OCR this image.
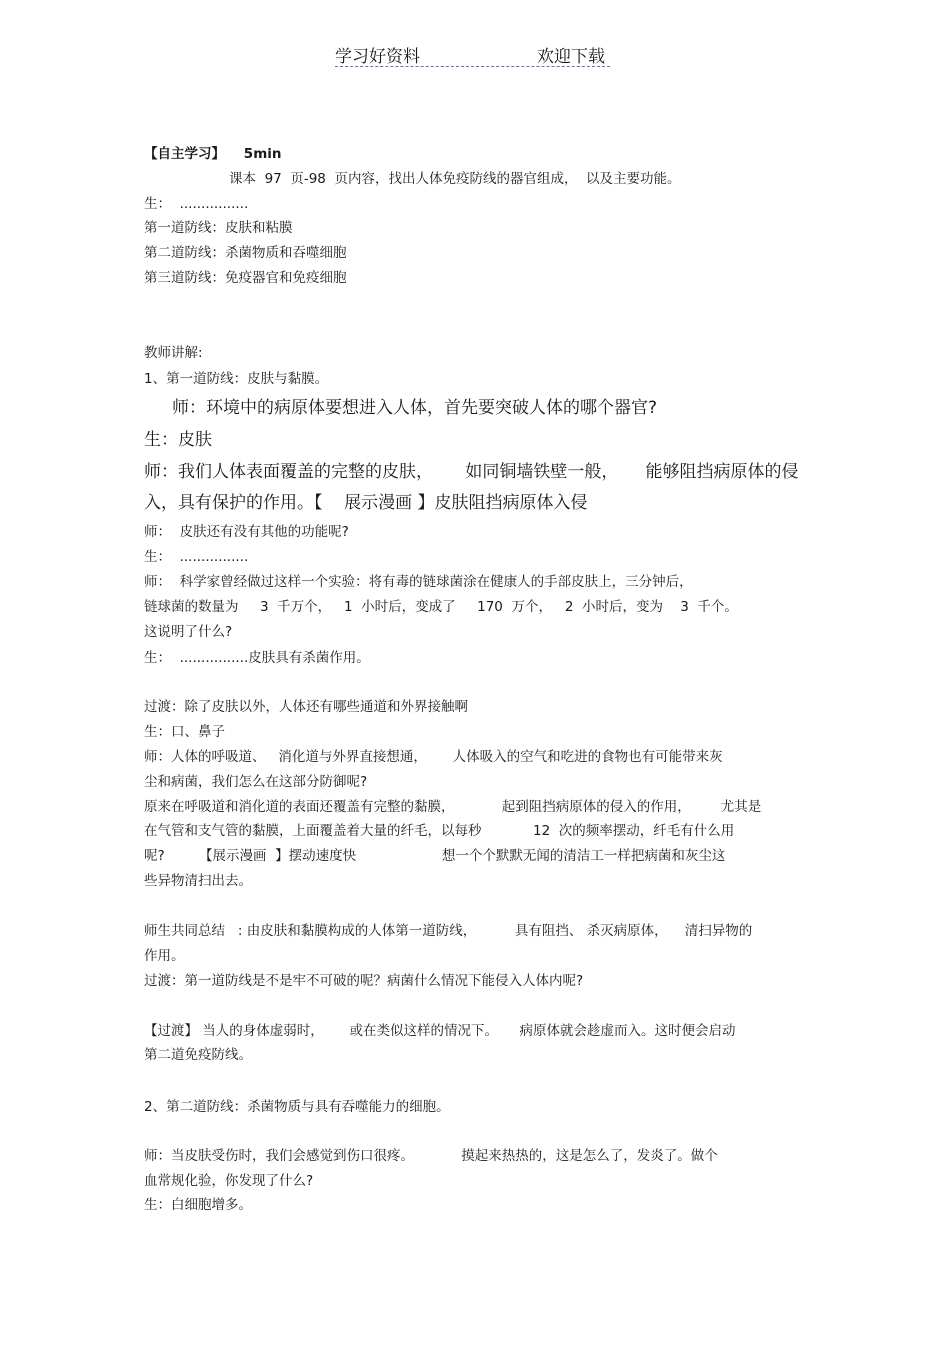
学习好资料	欢迎下载
【自主学习】    5min
课本  97  页-98  页内容，找出人体免疫防线的器官组成，  以及主要功能。
生：  ................
第一道防线：皮肤和粘膜
第二道防线：杀菌物质和吞噬细胞
第三道防线：免疫器官和免疫细胞
教师讲解:
1、第一道防线：皮肤与黏膜。
师：环境中的病原体要想进入人体，首先要突破人体的哪个器官?
生：皮肤
师：我们人体表面覆盖的完整的皮肤，      如同铜墙铁壁一般，     能够阻挡病原体的侵
入，具有保护的作用。【    展示漫画 】皮肤阻挡病原体入侵
师：  皮肤还有没有其他的功能呢?
生：  ................
师：  科学家曾经做过这样一个实验：将有毒的链球菌涂在健康人的手部皮肤上，三分钟后，
链球菌的数量为     3  千万个，   1  小时后，变成了     170  万个，   2  小时后，变为    3  千个。
这说明了什么?
生：  ................皮肤具有杀菌作用。
过渡：除了皮肤以外，人体还有哪些通道和外界接触啊
生：口、鼻子
师：人体的呼吸道、   消化道与外界直接想通，      人体吸入的空气和吃进的食物也有可能带来灰
尘和病菌，我们怎么在这部分防御呢?
原来在呼吸道和消化道的表面还覆盖有完整的黏膜，           起到阻挡病原体的侵入的作用，       尤其是
在气管和支气管的黏膜，上面覆盖着大量的纤毛，以每秒            12  次的频率摆动，纤毛有什么用
呢?        【展示漫画  】摆动速度快                    想一个个默默无闻的清洁工一样把病菌和灰尘这
些异物清扫出去。
师生共同总结   : 由皮肤和黏膜构成的人体第一道防线，         具有阻挡、 杀灭病原体，    清扫异物的
作用。
过渡：第一道防线是不是牢不可破的呢？病菌什么情况下能侵入人体内呢?
【过渡】 当人的身体虚弱时，      或在类似这样的情况下。     病原体就会趁虚而入。这时便会启动
第二道免疫防线。
2、第二道防线：杀菌物质与具有吞噬能力的细胞。
师：当皮肤受伤时，我们会感觉到伤口很疼。           摸起来热热的，这是怎么了，发炎了。做个
血常规化验，你发现了什么?
生：白细胞增多。
